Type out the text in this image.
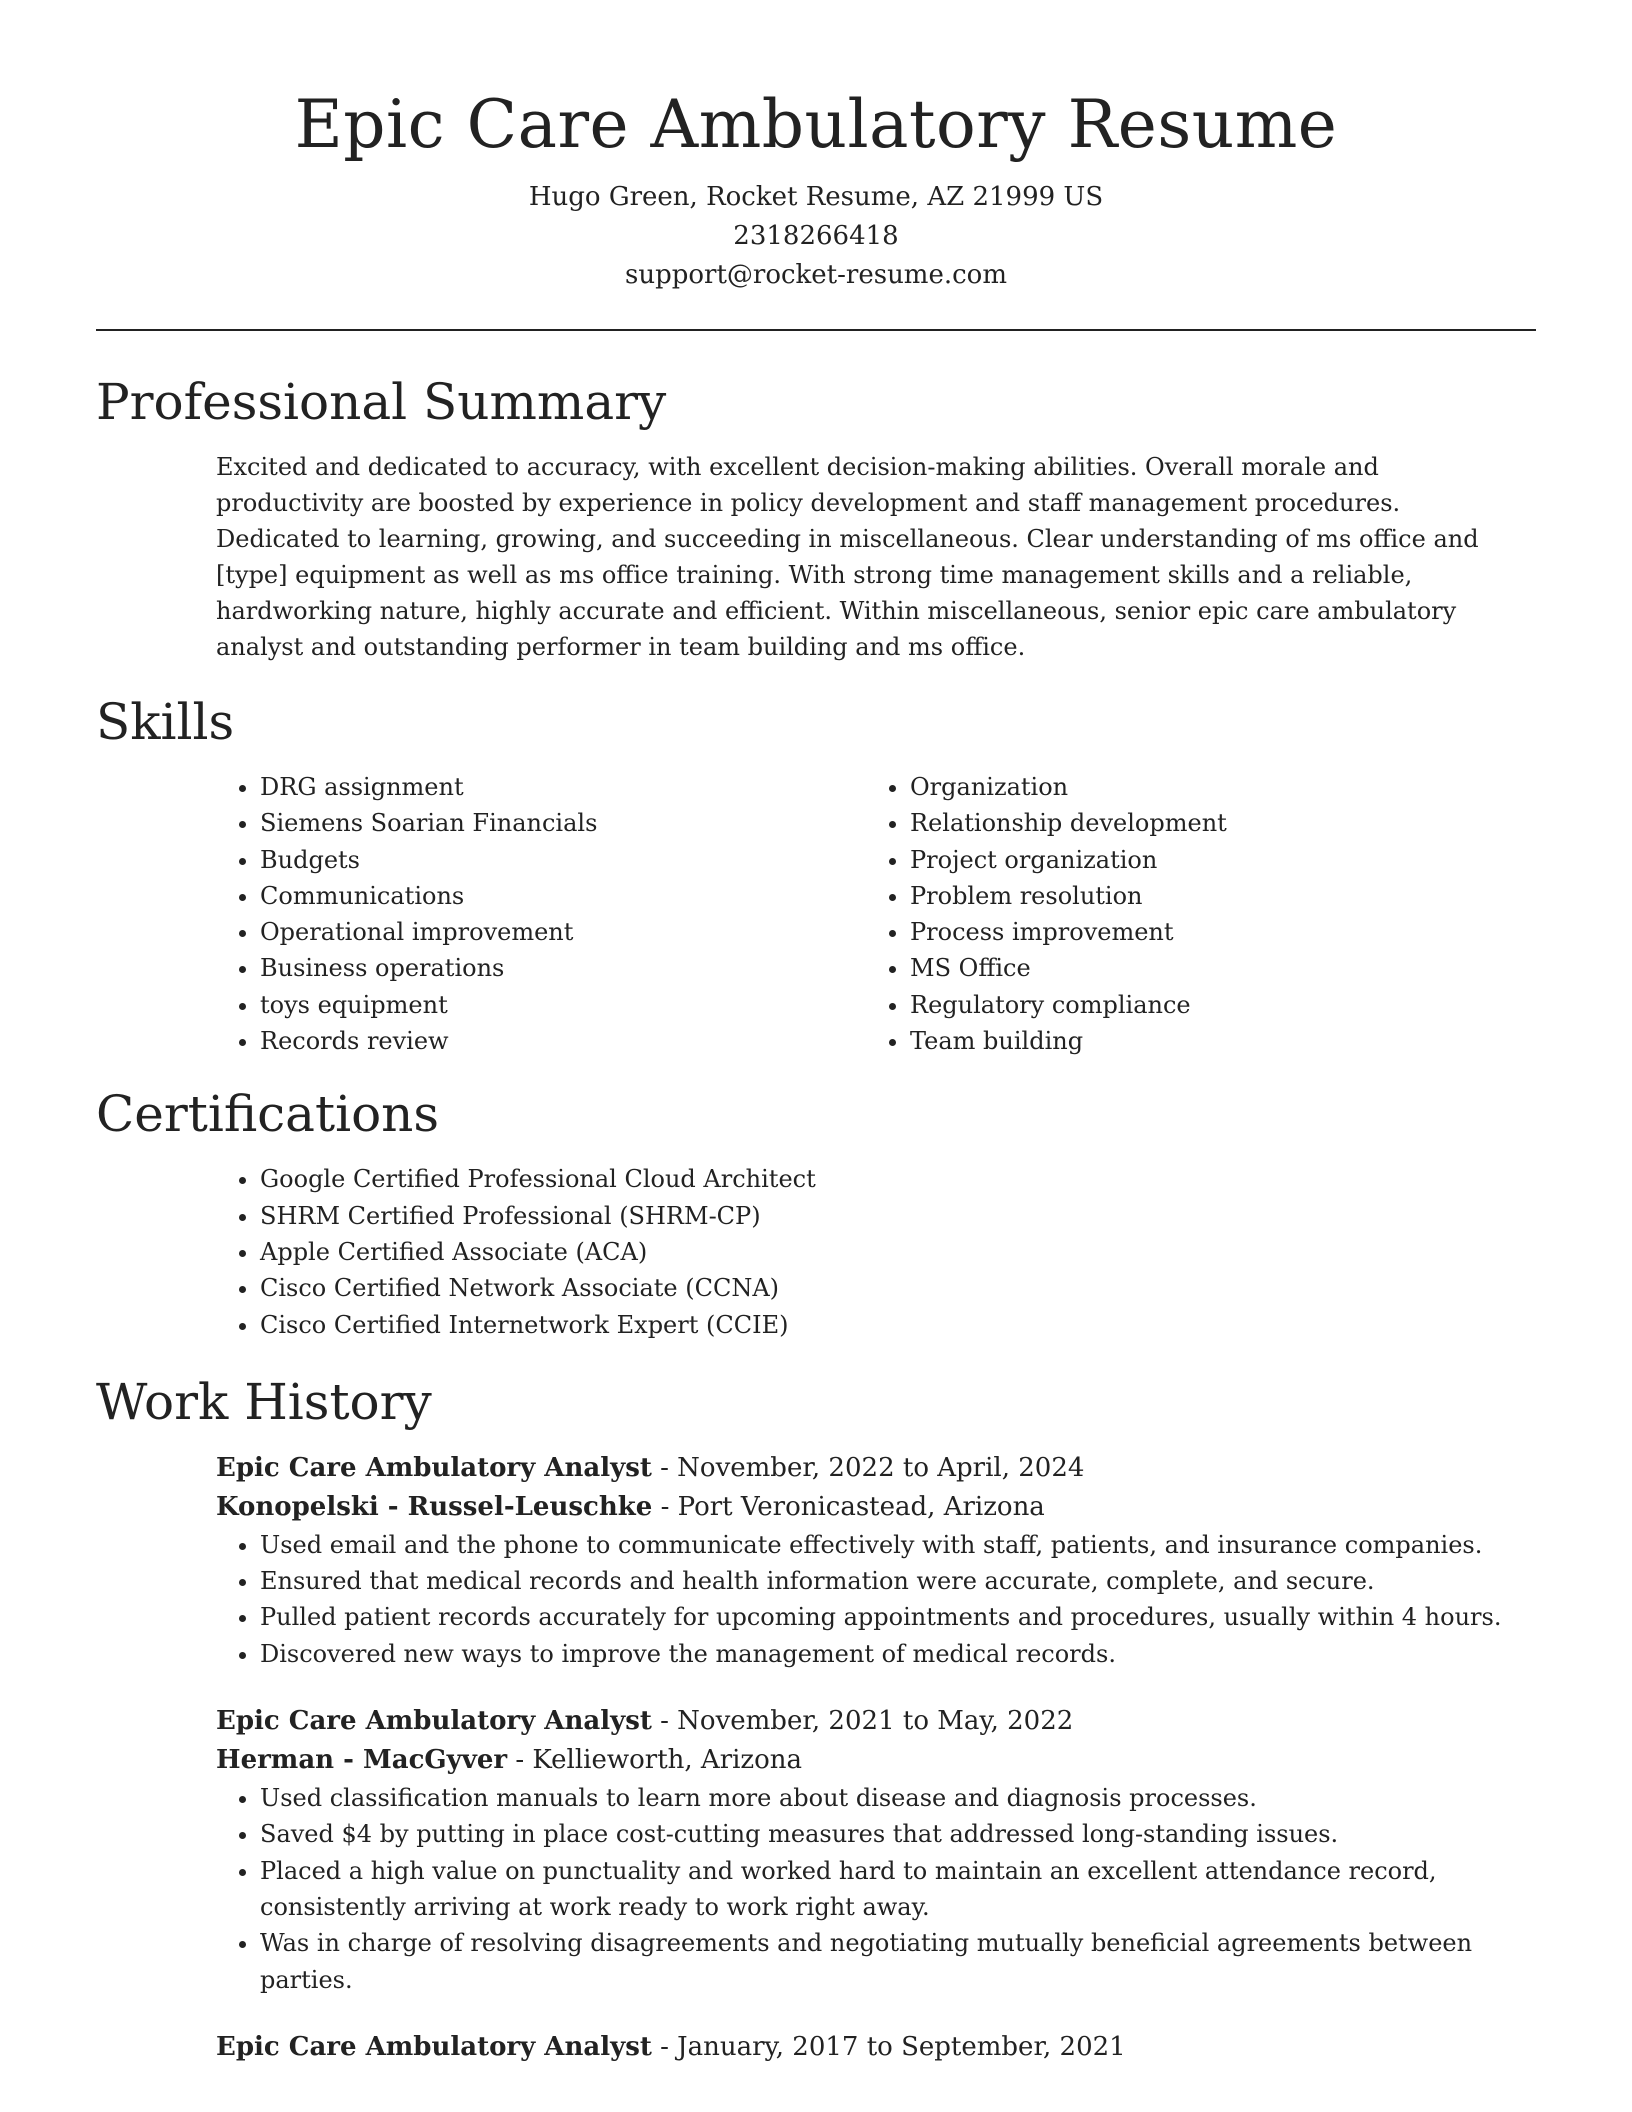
Epic Care Ambulatory Resume
Hugo Green, Rocket Resume, AZ 21999 US
2318266418
support@rocket-resume.com
Professional Summary

Excited and dedicated to accuracy, with excellent decision-making abilities. Overall morale and productivity are boosted by experience in policy development and staff management procedures. Dedicated to learning, growing, and succeeding in miscellaneous. Clear understanding of ms office and [type] equipment as well as ms office training. With strong time management skills and a reliable, hardworking nature, highly accurate and efficient. Within miscellaneous, senior epic care ambulatory analyst and outstanding performer in team building and ms office.

Skills
• DRG assignment
• Siemens Soarian Financials
• Budgets
• Communications
• Operational improvement
• Business operations
• toys equipment
• Records review
• Organization
• Relationship development
• Project organization
• Problem resolution
• Process improvement
• MS Office
• Regulatory compliance
• Team building
Certifications
• Google Certified Professional Cloud Architect
• SHRM Certified Professional (SHRM-CP)
• Apple Certified Associate (ACA)
• Cisco Certified Network Associate (CCNA)
• Cisco Certified Internetwork Expert (CCIE)
Work History
Epic Care Ambulatory Analyst - November, 2022 to April, 2024
Konopelski - Russel-Leuschke - Port Veronicastead, Arizona
• Used email and the phone to communicate effectively with staff, patients, and insurance companies.
• Ensured that medical records and health information were accurate, complete, and secure.
• Pulled patient records accurately for upcoming appointments and procedures, usually within 4 hours.
• Discovered new ways to improve the management of medical records.
Epic Care Ambulatory Analyst - November, 2021 to May, 2022
Herman - MacGyver - Kellieworth, Arizona
• Used classification manuals to learn more about disease and diagnosis processes.
• Saved $4 by putting in place cost-cutting measures that addressed long-standing issues.
• Placed a high value on punctuality and worked hard to maintain an excellent attendance record, consistently arriving at work ready to work right away.
• Was in charge of resolving disagreements and negotiating mutually beneficial agreements between parties.
Epic Care Ambulatory Analyst - January, 2017 to September, 2021
